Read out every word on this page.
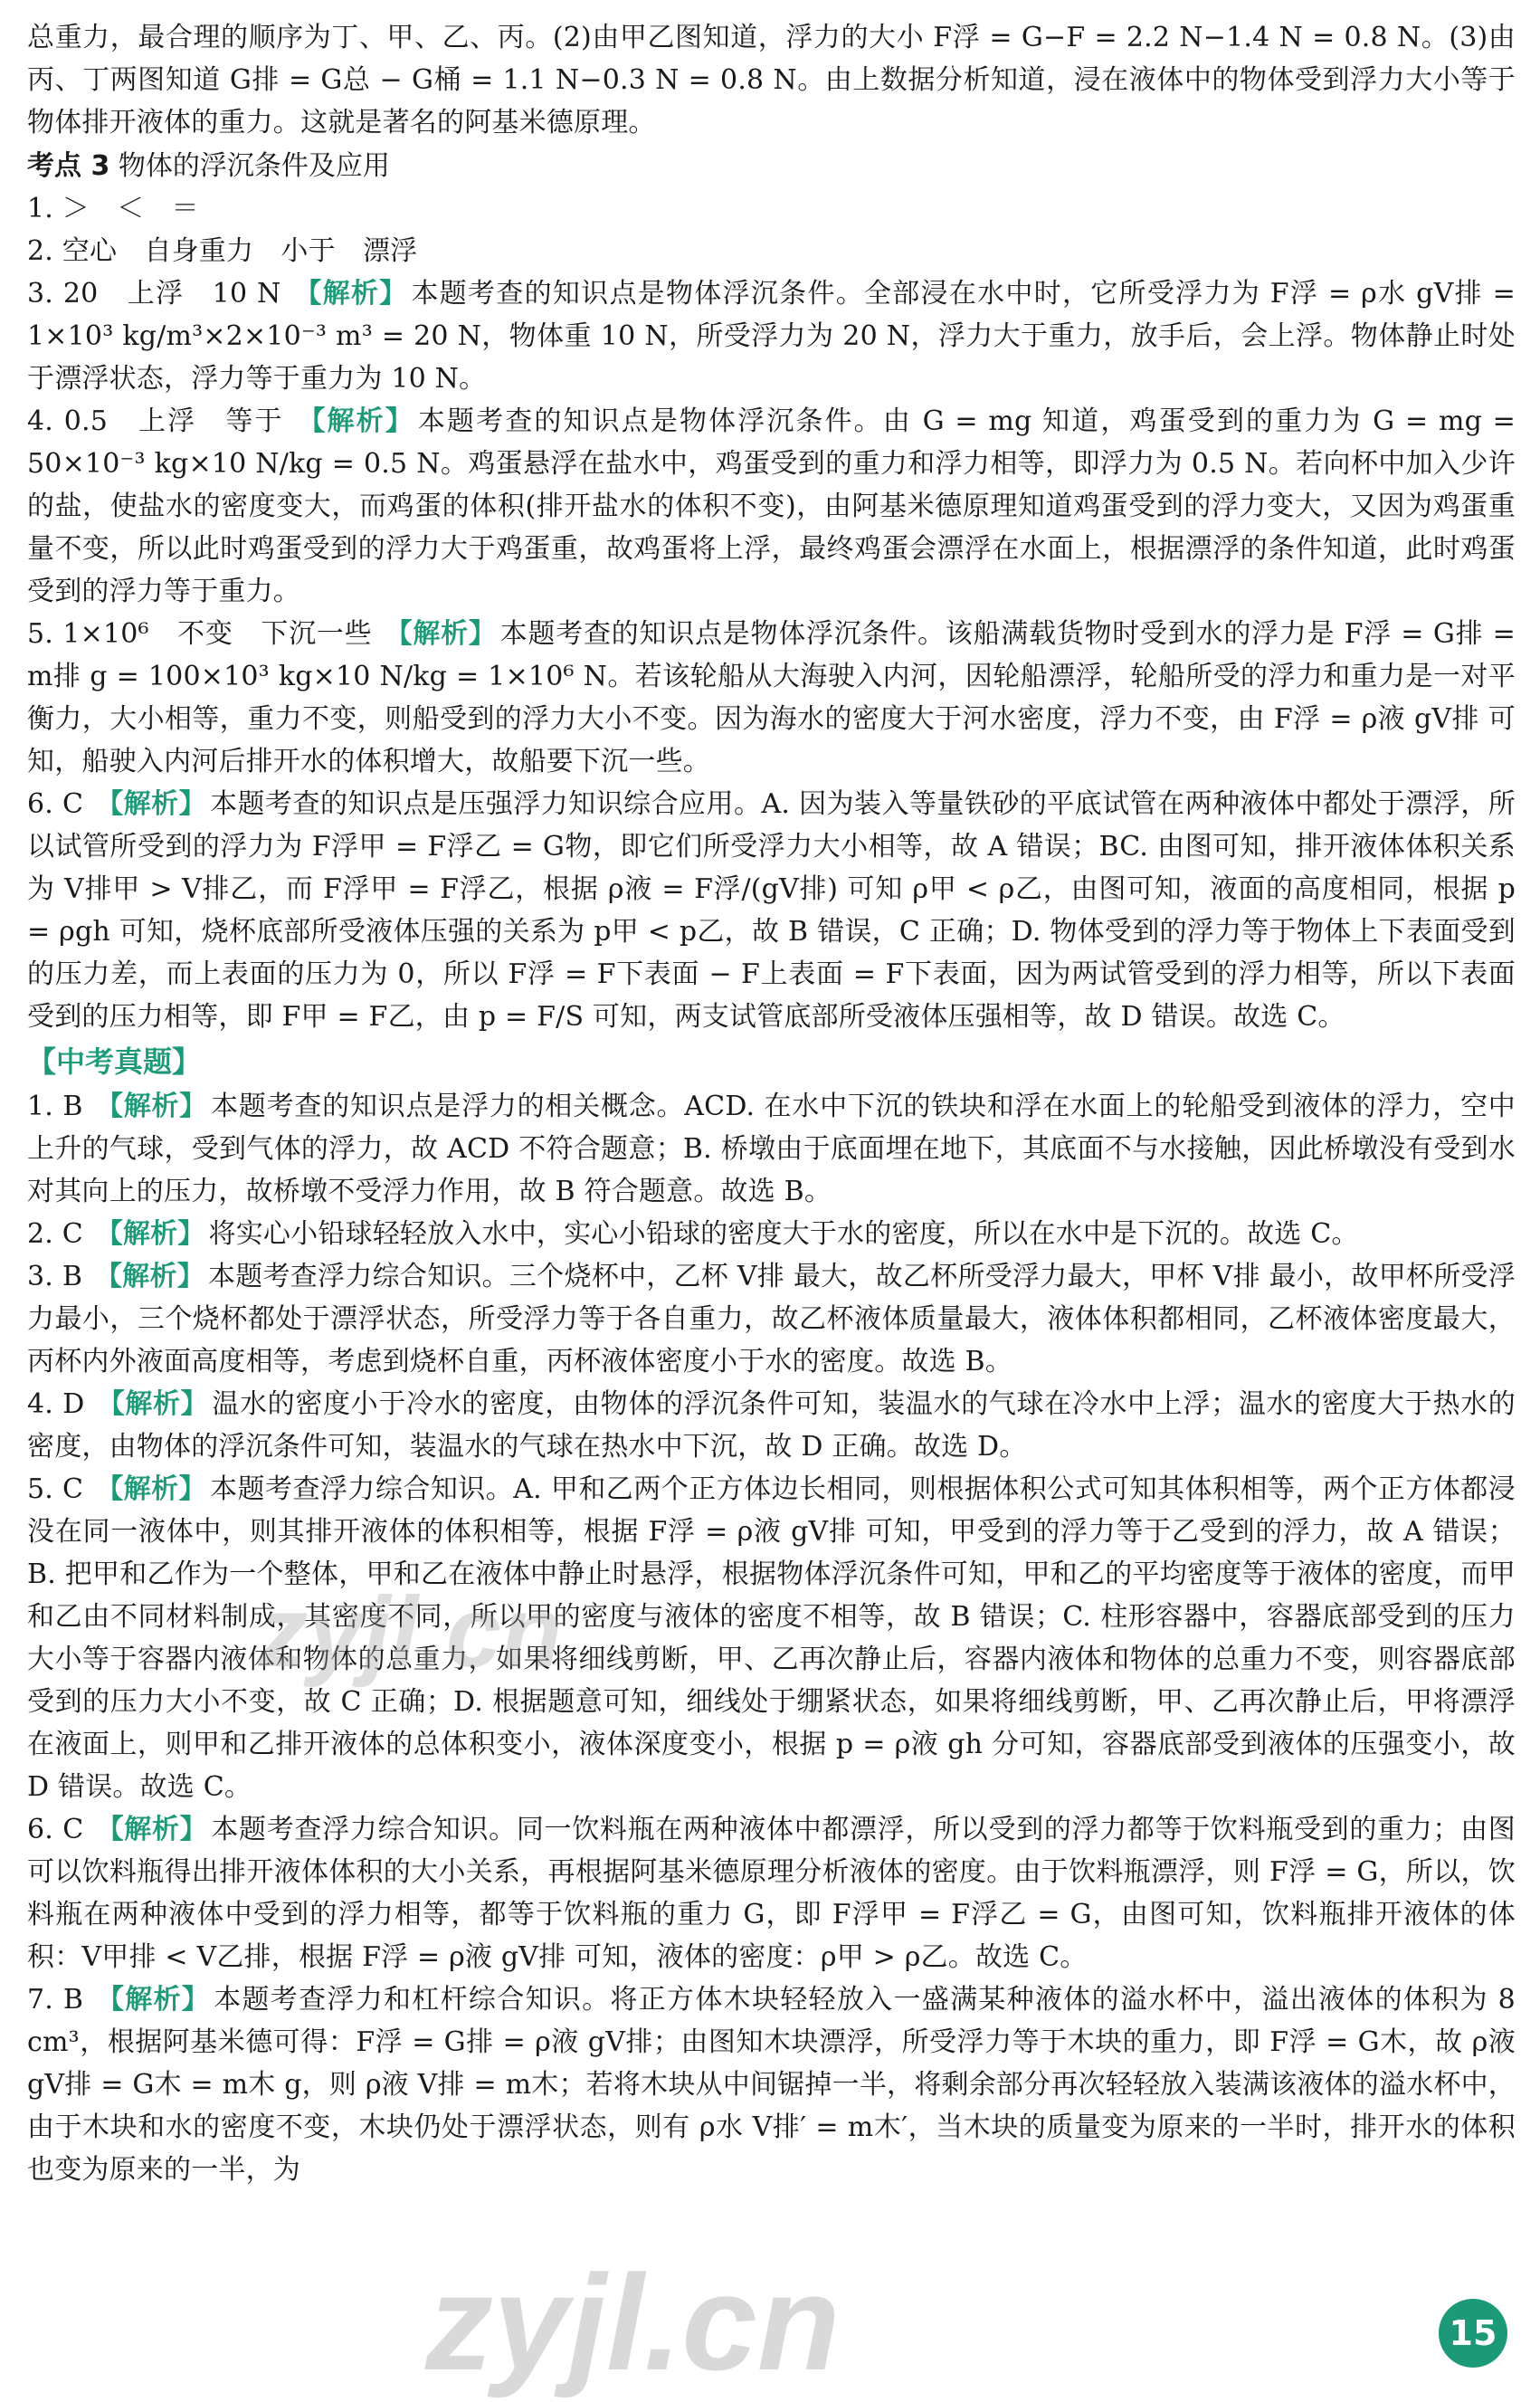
总重力，最合理的顺序为丁、甲、乙、丙。(2)由甲乙图知道，浮力的大小 F浮 = G−F = 2.2 N−1.4 N = 0.8 N。(3)由丙、丁两图知道 G排 = G总 − G桶 = 1.1 N−0.3 N = 0.8 N。由上数据分析知道，浸在液体中的物体受到浮力大小等于物体排开液体的重力。这就是著名的阿基米德原理。

考点 3 物体的浮沉条件及应用
1. ＞　＜　＝
2. 空心　自身重力　小于　漂浮
3. 20　上浮　10 N 【解析】 本题考查的知识点是物体浮沉条件。全部浸在水中时，它所受浮力为 F浮 = ρ水 gV排 = 1×10³ kg/m³×2×10⁻³ m³ = 20 N，物体重 10 N，所受浮力为 20 N，浮力大于重力，放手后，会上浮。物体静止时处于漂浮状态，浮力等于重力为 10 N。
4. 0.5　上浮　等于 【解析】 本题考查的知识点是物体浮沉条件。由 G = mg 知道，鸡蛋受到的重力为 G = mg = 50×10⁻³ kg×10 N/kg = 0.5 N。鸡蛋悬浮在盐水中，鸡蛋受到的重力和浮力相等，即浮力为 0.5 N。若向杯中加入少许的盐，使盐水的密度变大，而鸡蛋的体积(排开盐水的体积不变)，由阿基米德原理知道鸡蛋受到的浮力变大，又因为鸡蛋重量不变，所以此时鸡蛋受到的浮力大于鸡蛋重，故鸡蛋将上浮，最终鸡蛋会漂浮在水面上，根据漂浮的条件知道，此时鸡蛋受到的浮力等于重力。
5. 1×10⁶　不变　下沉一些 【解析】 本题考查的知识点是物体浮沉条件。该船满载货物时受到水的浮力是 F浮 = G排 = m排 g = 100×10³ kg×10 N/kg = 1×10⁶ N。若该轮船从大海驶入内河，因轮船漂浮，轮船所受的浮力和重力是一对平衡力，大小相等，重力不变，则船受到的浮力大小不变。因为海水的密度大于河水密度，浮力不变，由 F浮 = ρ液 gV排 可知，船驶入内河后排开水的体积增大，故船要下沉一些。
6. C 【解析】 本题考查的知识点是压强浮力知识综合应用。A. 因为装入等量铁砂的平底试管在两种液体中都处于漂浮，所以试管所受到的浮力为 F浮甲 = F浮乙 = G物，即它们所受浮力大小相等，故 A 错误；BC. 由图可知，排开液体体积关系为 V排甲 > V排乙，而 F浮甲 = F浮乙，根据 ρ液 = F浮/(gV排) 可知 ρ甲 < ρ乙，由图可知，液面的高度相同，根据 p = ρgh 可知，烧杯底部所受液体压强的关系为 p甲 < p乙，故 B 错误，C 正确；D. 物体受到的浮力等于物体上下表面受到的压力差，而上表面的压力为 0，所以 F浮 = F下表面 − F上表面 = F下表面，因为两试管受到的浮力相等，所以下表面受到的压力相等，即 F甲 = F乙，由 p = F/S 可知，两支试管底部所受液体压强相等，故 D 错误。故选 C。
【中考真题】
1. B 【解析】 本题考查的知识点是浮力的相关概念。ACD. 在水中下沉的铁块和浮在水面上的轮船受到液体的浮力，空中上升的气球，受到气体的浮力，故 ACD 不符合题意；B. 桥墩由于底面埋在地下，其底面不与水接触，因此桥墩没有受到水对其向上的压力，故桥墩不受浮力作用，故 B 符合题意。故选 B。
2. C 【解析】 将实心小铅球轻轻放入水中，实心小铅球的密度大于水的密度，所以在水中是下沉的。故选 C。
3. B 【解析】 本题考查浮力综合知识。三个烧杯中，乙杯 V排 最大，故乙杯所受浮力最大，甲杯 V排 最小，故甲杯所受浮力最小，三个烧杯都处于漂浮状态，所受浮力等于各自重力，故乙杯液体质量最大，液体体积都相同，乙杯液体密度最大，丙杯内外液面高度相等，考虑到烧杯自重，丙杯液体密度小于水的密度。故选 B。
4. D 【解析】 温水的密度小于冷水的密度，由物体的浮沉条件可知，装温水的气球在冷水中上浮；温水的密度大于热水的密度，由物体的浮沉条件可知，装温水的气球在热水中下沉，故 D 正确。故选 D。
5. C 【解析】 本题考查浮力综合知识。A. 甲和乙两个正方体边长相同，则根据体积公式可知其体积相等，两个正方体都浸没在同一液体中，则其排开液体的体积相等，根据 F浮 = ρ液 gV排 可知，甲受到的浮力等于乙受到的浮力，故 A 错误；B. 把甲和乙作为一个整体，甲和乙在液体中静止时悬浮，根据物体浮沉条件可知，甲和乙的平均密度等于液体的密度，而甲和乙由不同材料制成，其密度不同，所以甲的密度与液体的密度不相等，故 B 错误；C. 柱形容器中，容器底部受到的压力大小等于容器内液体和物体的总重力，如果将细线剪断，甲、乙再次静止后，容器内液体和物体的总重力不变，则容器底部受到的压力大小不变，故 C 正确；D. 根据题意可知，细线处于绷紧状态，如果将细线剪断，甲、乙再次静止后，甲将漂浮在液面上，则甲和乙排开液体的总体积变小，液体深度变小，根据 p = ρ液 gh 分可知，容器底部受到液体的压强变小，故 D 错误。故选 C。
6. C 【解析】 本题考查浮力综合知识。同一饮料瓶在两种液体中都漂浮，所以受到的浮力都等于饮料瓶受到的重力；由图可以饮料瓶得出排开液体体积的大小关系，再根据阿基米德原理分析液体的密度。由于饮料瓶漂浮，则 F浮 = G，所以，饮料瓶在两种液体中受到的浮力相等，都等于饮料瓶的重力 G，即 F浮甲 = F浮乙 = G，由图可知，饮料瓶排开液体的体积：V甲排 < V乙排，根据 F浮 = ρ液 gV排 可知，液体的密度：ρ甲 > ρ乙。故选 C。
7. B 【解析】 本题考查浮力和杠杆综合知识。将正方体木块轻轻放入一盛满某种液体的溢水杯中，溢出液体的体积为 8 cm³，根据阿基米德可得：F浮 = G排 = ρ液 gV排；由图知木块漂浮，所受浮力等于木块的重力，即 F浮 = G木，故 ρ液 gV排 = G木 = m木 g，则 ρ液 V排 = m木；若将木块从中间锯掉一半，将剩余部分再次轻轻放入装满该液体的溢水杯中，由于木块和水的密度不变，木块仍处于漂浮状态，则有 ρ水 V排′ = m木′，当木块的质量变为原来的一半时，排开水的体积也变为原来的一半，为
zyjl.cn
zyjl.cn	15
